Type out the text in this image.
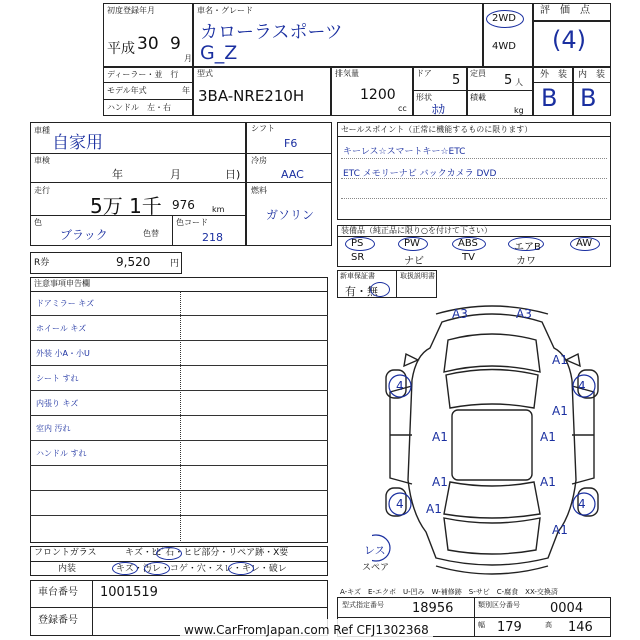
初度登録年月
平成 30 9
月
車名・グレード
カローラスポーツ
G_Z
2WD
4WD
評　価　点
(4)
外　装 内　装
B B
ディーラー・並　行
モデル年式	年
ハンドル　左・右
型式
3BA-NRE210H
排気量
1200
cc
ドア 5 定員 5 人
形状
ﾎｶ
積載
kg
車種
自家用
車検
年	月	日)
走行
5万 1千 976 km
色
ブラック	色替
色コード
218
シフト
F6
冷房
AAC
燃料
ガソリン
R券	9,520 円
セールスポイント（正常に機能するものに限ります）
キーレス☆スマートキー☆ETC
ETC メモリーナビ バックカメラ DVD
装備品（純正品に限り○を付けて下さい）
PS	PW	ABS	エアB	AW
SR	ナビ	TV	カワ
新車保証書	取扱説明書
有・無
注意事項申告欄
ドアミラー キズ
ホイール キズ
外装 小A・小U
シート すれ
内張り キズ
室内 汚れ
ハンドル すれ
A3	A3
A1
4
A1
4
A1	A1
A1	A1
4 A1	4
A1
レス
スペア
フロントガラス	キズ・ﾋﾋﾞ石・ヒビ部分・リペア跡・X要
内装	キズ・汚レ・コゲ・穴・スレ・キレ・破レ
A-キズ　E-エクボ　U-凹み　W-補修跡　S-サビ　C-腐食　XX-交換済
車台番号 1001519
登録番号
型式指定番号 18956	類別区分番号 0004
幅 179	高 146
www.CarFromJapan.com Ref CFJ1302368
